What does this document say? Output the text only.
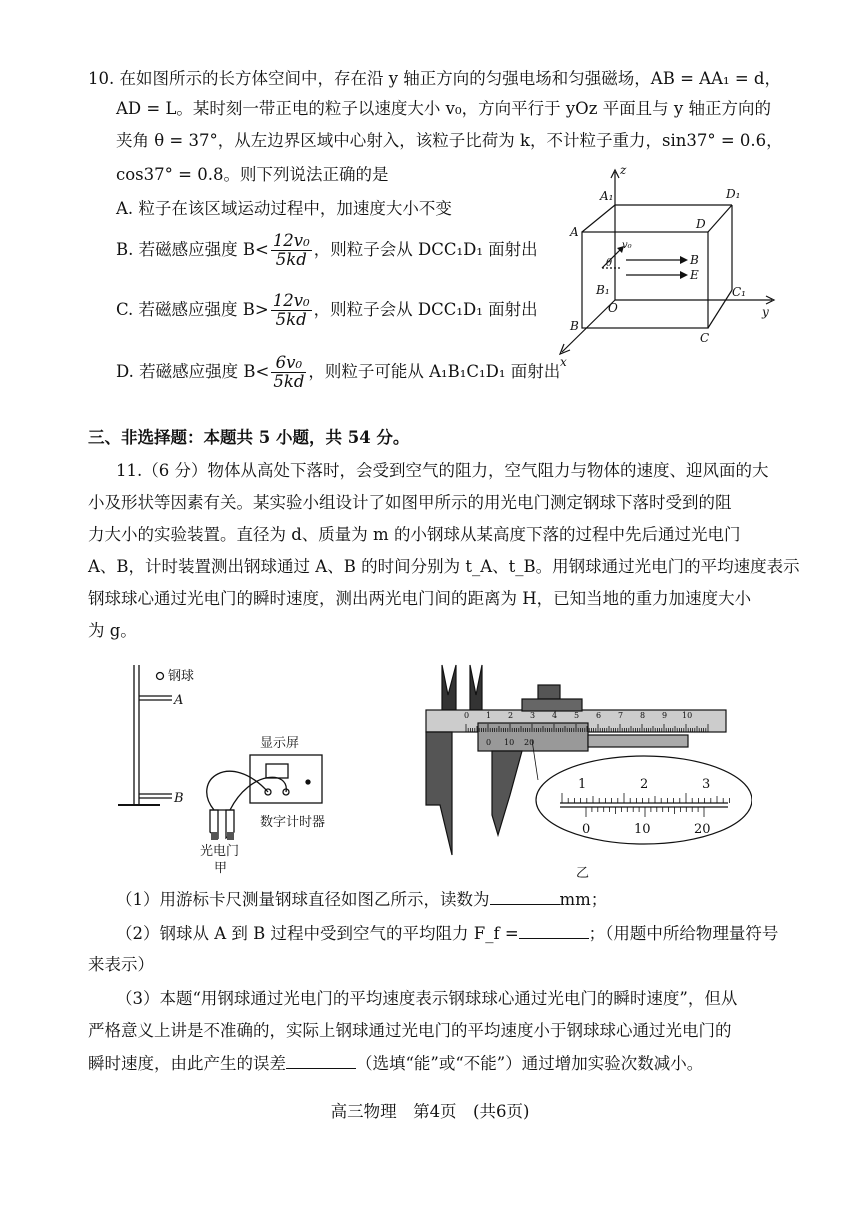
10. 在如图所示的长方体空间中，存在沿 y 轴正方向的匀强电场和匀强磁场，AB = AA₁ = d，
AD = L。某时刻一带正电的粒子以速度大小 v₀，方向平行于 yOz 平面且与 y 轴正方向的
夹角 θ = 37°，从左边界区域中心射入，该粒子比荷为 k，不计粒子重力，sin37° = 0.6，
cos37° = 0.8。则下列说法正确的是
A. 粒子在该区域运动过程中，加速度大小不变
B. 若磁感应强度 $B< \frac{\text{12v₀}}{5kd}$ ，则粒子会从 DCC₁D₁ 面射出
C. 若磁感应强度 $B> \frac{\text{12v₀}}{5kd}$ ，则粒子会从 DCC₁D₁ 面射出
D. 若磁感应强度 $B< \frac{\text{6v₀}}{5kd}$ ，则粒子可能从 A₁B₁C₁D₁ 面射出
z
y
x
A₁	D₁
A
D
B₁
O
C₁
B
C
v₀
θ	B
E
三、非选择题：本题共 5 小题，共 54 分。
11.（6 分）物体从高处下落时，会受到空气的阻力，空气阻力与物体的速度、迎风面的大
小及形状等因素有关。某实验小组设计了如图甲所示的用光电门测定钢球下落时受到的阻
力大小的实验装置。直径为 d、质量为 m 的小钢球从某高度下落的过程中先后通过光电门
A、B，计时装置测出钢球通过 A、B 的时间分别为 t_A、t_B。用钢球通过光电门的平均速度表示
钢球球心通过光电门的瞬时速度，测出两光电门间的距离为 H，已知当地的重力加速度大小
为 g。
钢球
A
B
显示屏
数字计时器
光电门
甲
0 1 2 3 4 5 6 7 8 9 10
0 10 20
1	2	3
0	10	20
乙
（1）用游标卡尺测量钢球直径如图乙所示，读数为	mm；
（2）钢球从 A 到 B 过程中受到空气的平均阻力 F_f =	；（用题中所给物理量符号
来表示）
（3）本题“用钢球通过光电门的平均速度表示钢球球心通过光电门的瞬时速度”，但从
严格意义上讲是不准确的，实际上钢球通过光电门的平均速度小于钢球球心通过光电门的
瞬时速度，由此产生的误差	（选填“能”或“不能”）通过增加实验次数减小。
高三物理　第4页　(共6页)
